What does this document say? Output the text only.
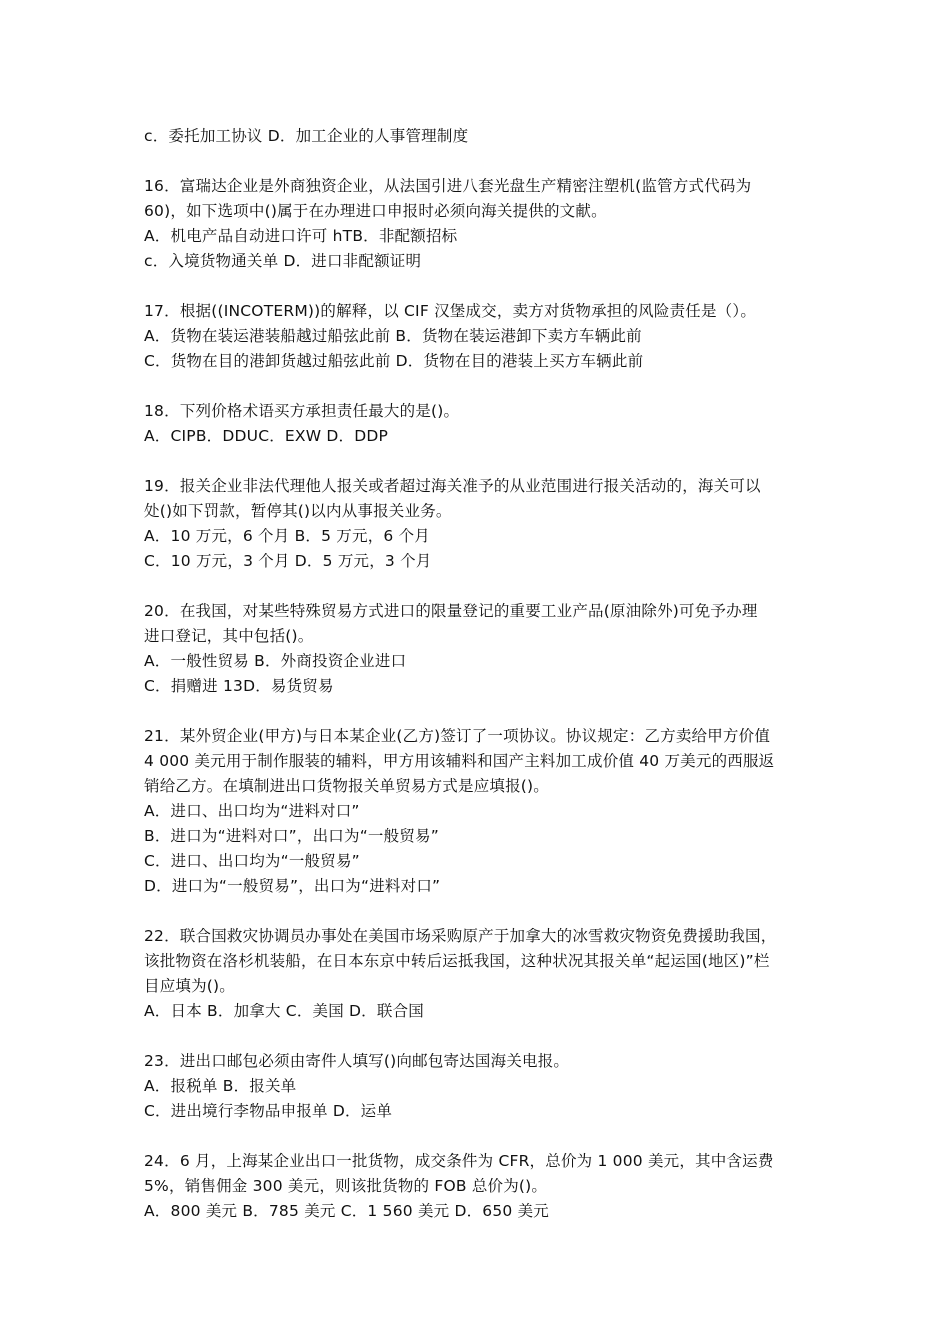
c．委托加工协议 D．加工企业的人事管理制度
16．富瑞达企业是外商独资企业，从法国引进八套光盘生产精密注塑机(监管方式代码为
60)，如下选项中()属于在办理进口申报时必须向海关提供的文献。
A．机电产品自动进口许可 hTB．非配额招标
c．入境货物通关单 D．进口非配额证明
17．根据((INCOTERM))的解释，以 CIF 汉堡成交，卖方对货物承担的风险责任是（）。
A．货物在装运港装船越过船弦此前 B．货物在装运港卸下卖方车辆此前
C．货物在目的港卸货越过船弦此前 D．货物在目的港装上买方车辆此前
18．下列价格术语买方承担责任最大的是()。
A．CIPB．DDUC．EXW D．DDP
19．报关企业非法代理他人报关或者超过海关准予的从业范围进行报关活动的，海关可以
处()如下罚款，暂停其()以内从事报关业务。
A．10 万元，6 个月 B．5 万元，6 个月
C．10 万元，3 个月 D．5 万元，3 个月
20．在我国，对某些特殊贸易方式进口的限量登记的重要工业产品(原油除外)可免予办理
进口登记，其中包括()。
A．一般性贸易 B．外商投资企业进口
C．捐赠进 13D．易货贸易
21．某外贸企业(甲方)与日本某企业(乙方)签订了一项协议。协议规定：乙方卖给甲方价值
4 000 美元用于制作服装的辅料，甲方用该辅料和国产主料加工成价值 40 万美元的西服返
销给乙方。在填制进出口货物报关单贸易方式是应填报()。
A．进口、出口均为“进料对口”
B．进口为“进料对口”，出口为“一般贸易”
C．进口、出口均为“一般贸易”
D．进口为“一般贸易”，出口为“进料对口”
22．联合国救灾协调员办事处在美国市场采购原产于加拿大的冰雪救灾物资免费援助我国，
该批物资在洛杉机装船，在日本东京中转后运抵我国，这种状况其报关单“起运国(地区)”栏
目应填为()。
A．日本 B．加拿大 C．美国 D．联合国
23．进出口邮包必须由寄件人填写()向邮包寄达国海关电报。
A．报税单 B．报关单
C．进出境行李物品申报单 D．运单
24．6 月，上海某企业出口一批货物，成交条件为 CFR，总价为 1 000 美元，其中含运费
5%，销售佣金 300 美元，则该批货物的 FOB 总价为()。
A．800 美元 B．785 美元 C．1 560 美元 D．650 美元
